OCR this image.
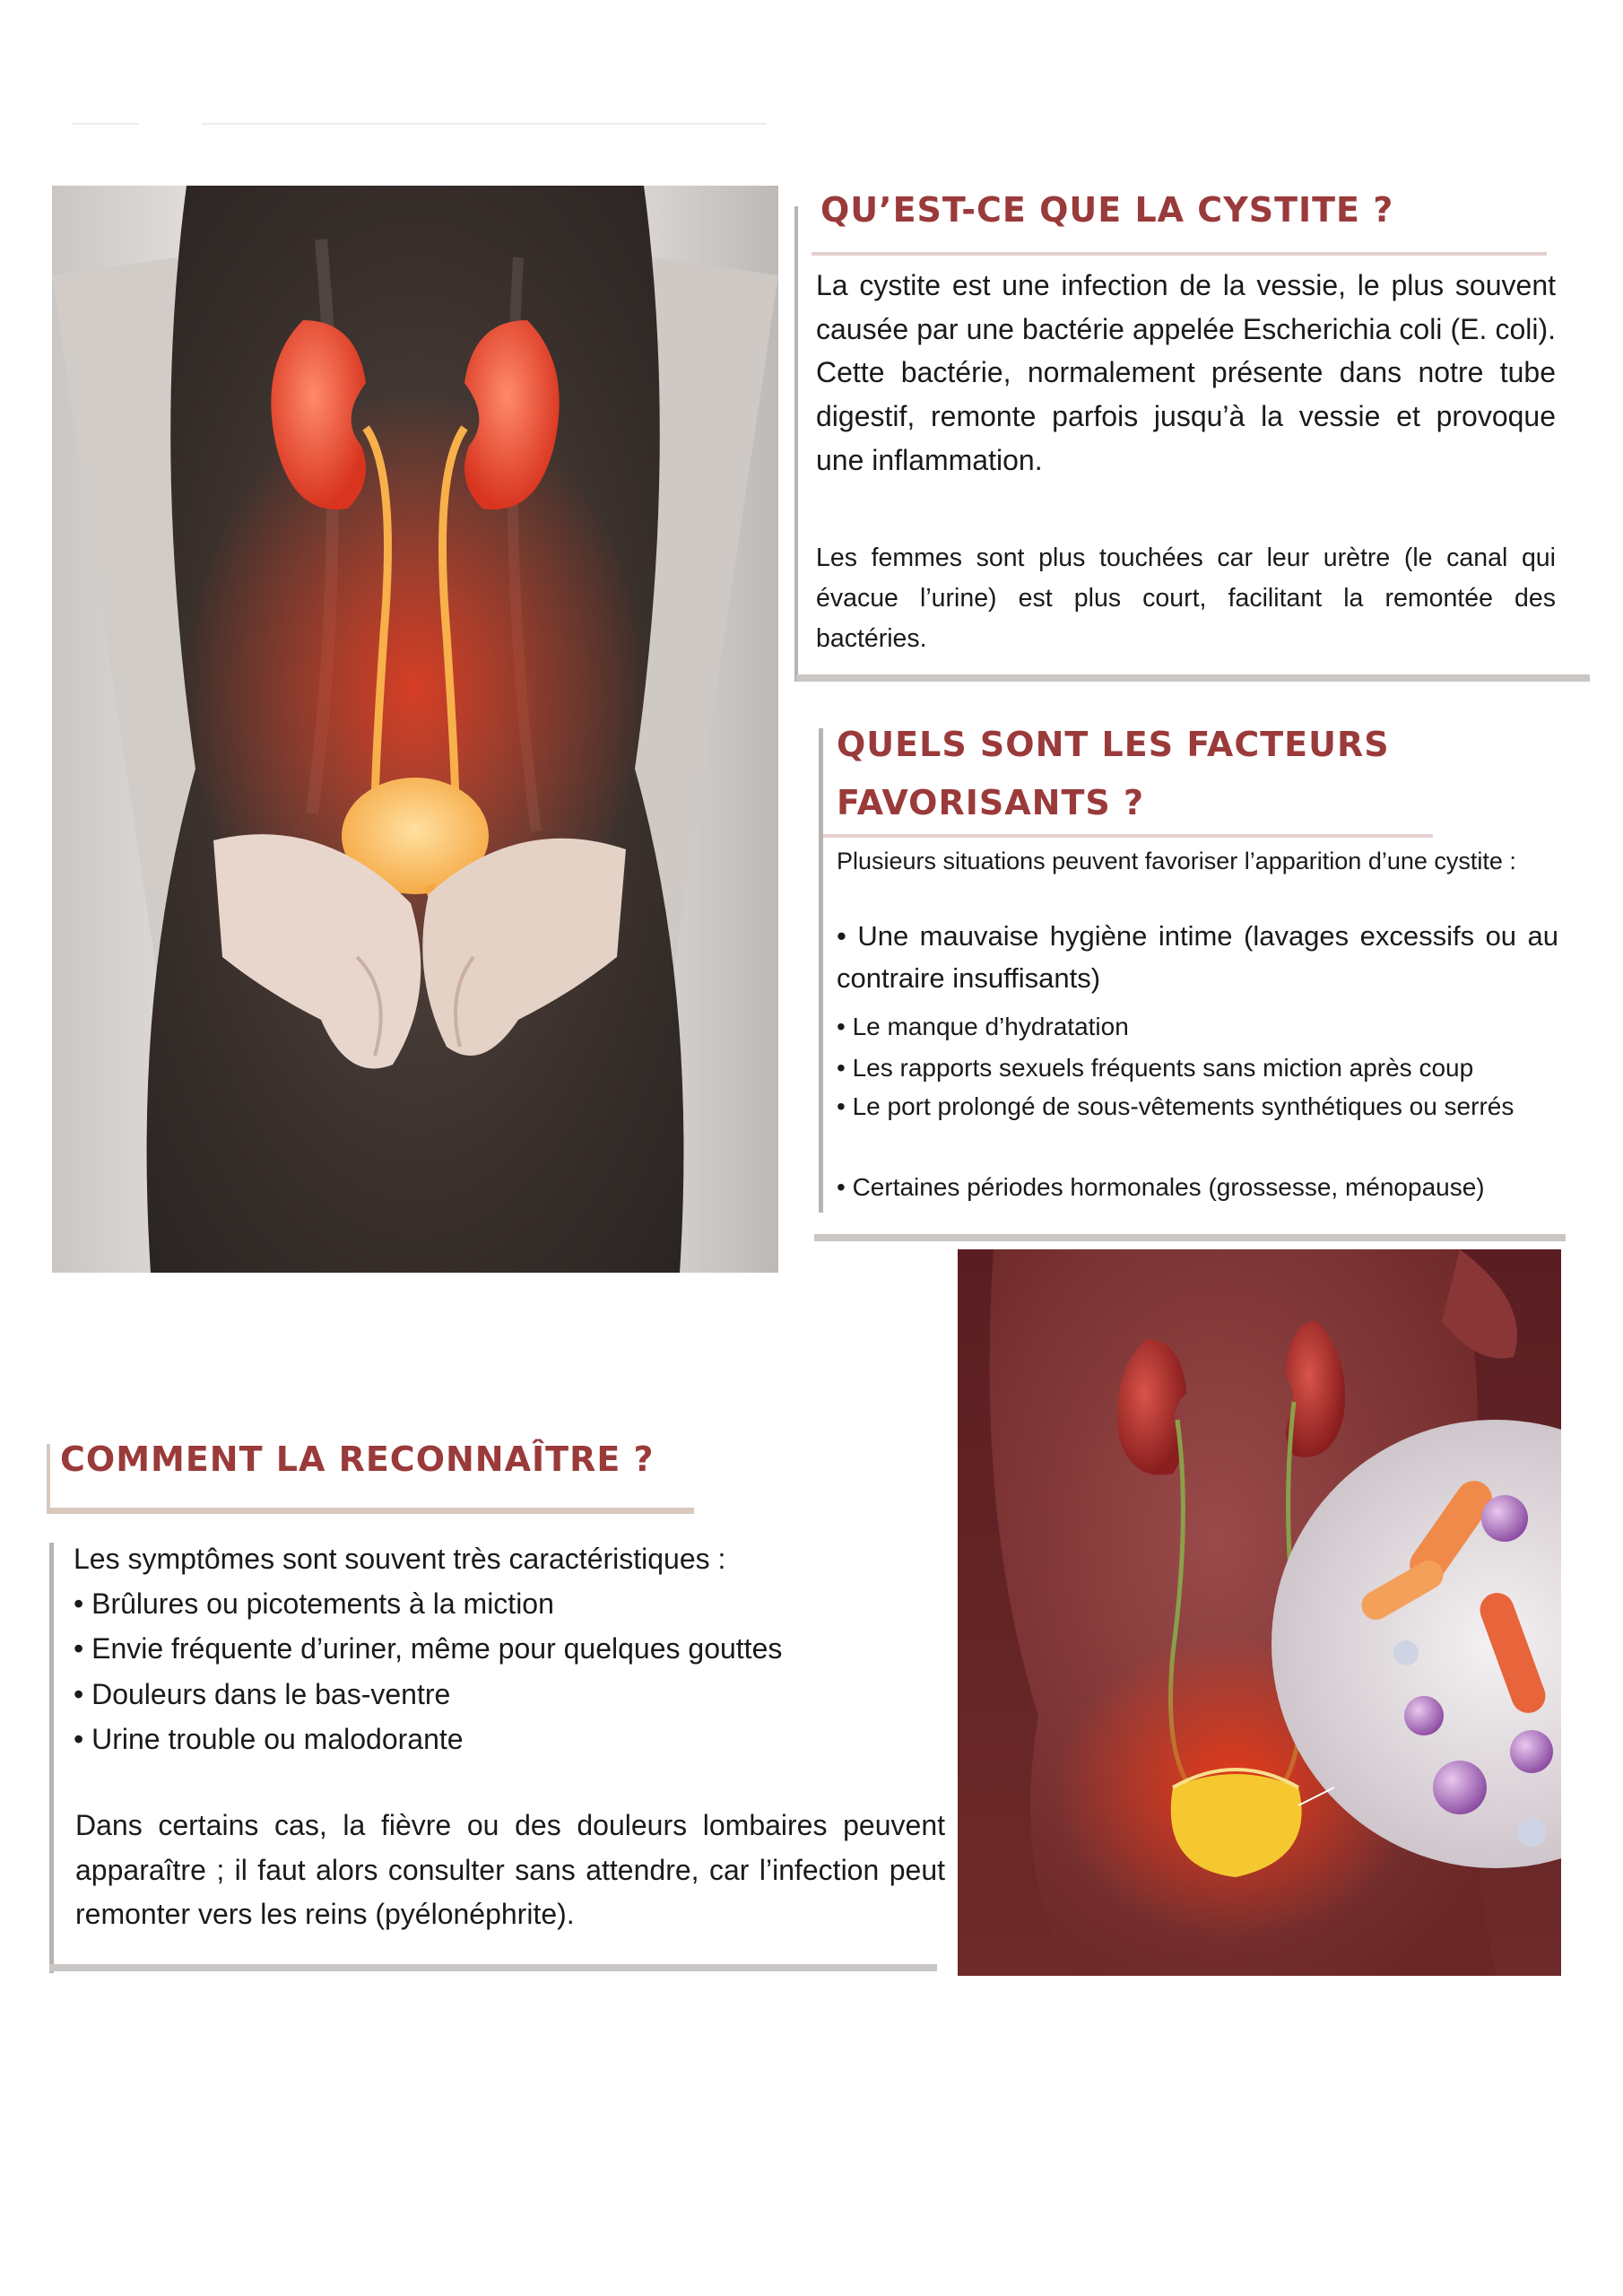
QU’EST-CE QUE LA CYSTITE ?

La cystite est une infection de la vessie, le plus souvent causée par une bactérie appelée Escherichia coli (E. coli). Cette bactérie, normalement présente dans notre tube digestif, remonte parfois jusqu’à la vessie et provoque une inflammation.

Les femmes sont plus touchées car leur urètre (le canal qui évacue l’urine) est plus court, facilitant la remontée des bactéries.

QUELS SONT LES FACTEURS
FAVORISANTS ?

Plusieurs situations peuvent favoriser l’apparition d’une cystite :

• Une mauvaise hygiène intime (lavages excessifs ou au contraire insuffisants)

• Le manque d’hydratation

• Les rapports sexuels fréquents sans miction après coup

• Le port prolongé de sous-vêtements synthétiques ou serrés

• Certaines périodes hormonales (grossesse, ménopause)

COMMENT LA RECONNAÎTRE ?

Les symptômes sont souvent très caractéristiques :

• Brûlures ou picotements à la miction

• Envie fréquente d’uriner, même pour quelques gouttes

• Douleurs dans le bas-ventre

• Urine trouble ou malodorante

Dans certains cas, la fièvre ou des douleurs lombaires peuvent apparaître ; il faut alors consulter sans attendre, car l’infection peut remonter vers les reins (pyélonéphrite).
